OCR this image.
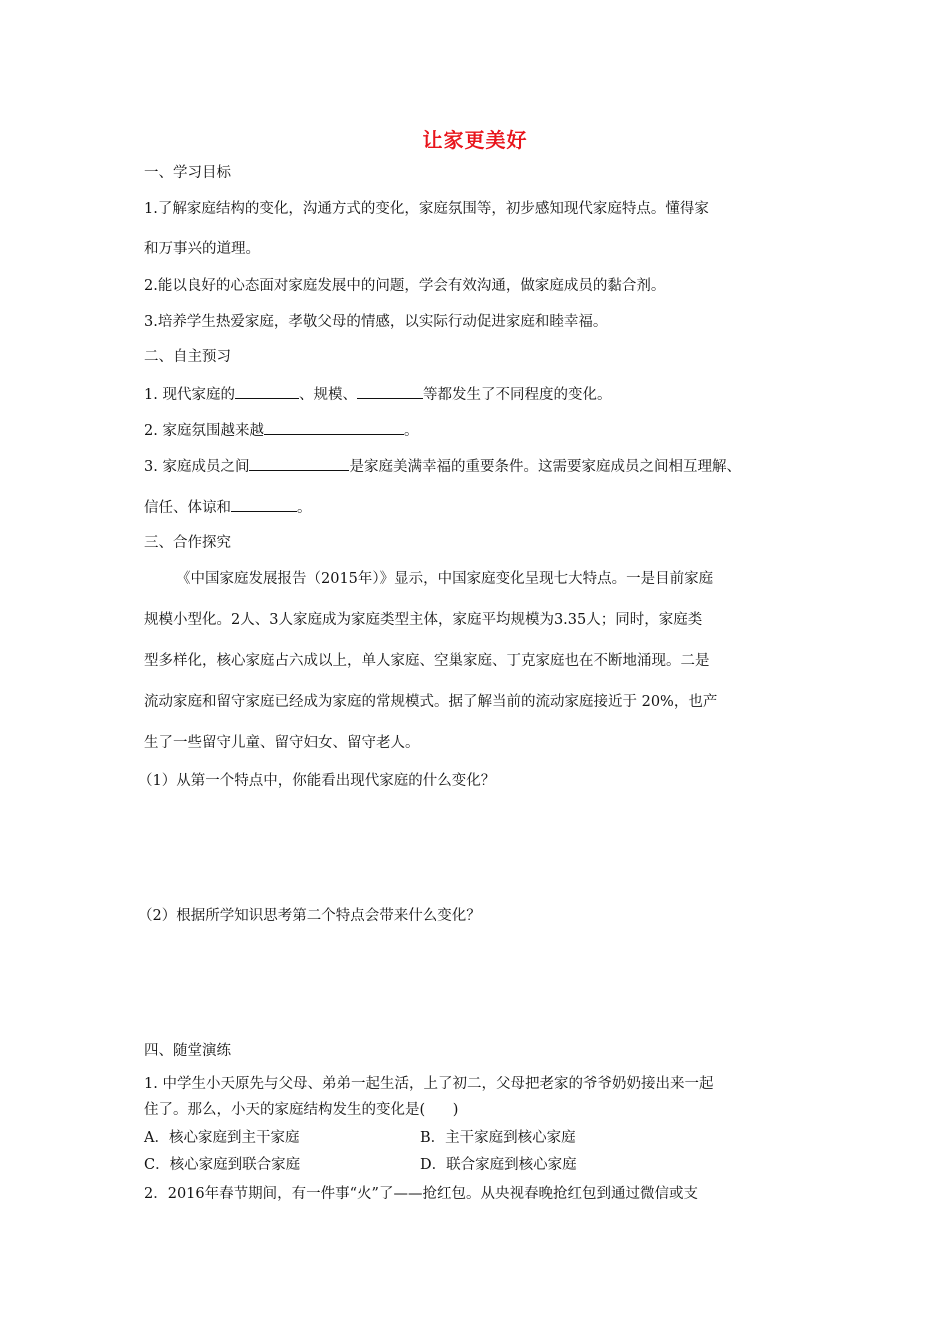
让家更美好
一、学习目标
1.了解家庭结构的变化，沟通方式的变化，家庭氛围等，初步感知现代家庭特点。懂得家
和万事兴的道理。
2.能以良好的心态面对家庭发展中的问题，学会有效沟通，做家庭成员的黏合剂。
3.培养学生热爱家庭，孝敬父母的情感，以实际行动促进家庭和睦幸福。
二、自主预习
1. 现代家庭的	、规模、	等都发生了不同程度的变化。
2. 家庭氛围越来越	。
3. 家庭成员之间	是家庭美满幸福的重要条件。这需要家庭成员之间相互理解、
信任、体谅和	。
三、合作探究
《中国家庭发展报告（2015年）》显示，中国家庭变化呈现七大特点。一是目前家庭
规模小型化。2人、3人家庭成为家庭类型主体，家庭平均规模为3.35人；同时，家庭类
型多样化，核心家庭占六成以上，单人家庭、空巢家庭、丁克家庭也在不断地涌现。二是
流动家庭和留守家庭已经成为家庭的常规模式。据了解当前的流动家庭接近于 20%，也产
生了一些留守儿童、留守妇女、留守老人。
（1）从第一个特点中，你能看出现代家庭的什么变化？
（2）根据所学知识思考第二个特点会带来什么变化？
四、随堂演练
1. 中学生小天原先与父母、弟弟一起生活，上了初二，父母把老家的爷爷奶奶接出来一起
住了。那么，小天的家庭结构发生的变化是(      )
A．核心家庭到主干家庭	B．主干家庭到核心家庭
C．核心家庭到联合家庭	D．联合家庭到核心家庭
2．2016年春节期间，有一件事“火”了——抢红包。从央视春晚抢红包到通过微信或支
